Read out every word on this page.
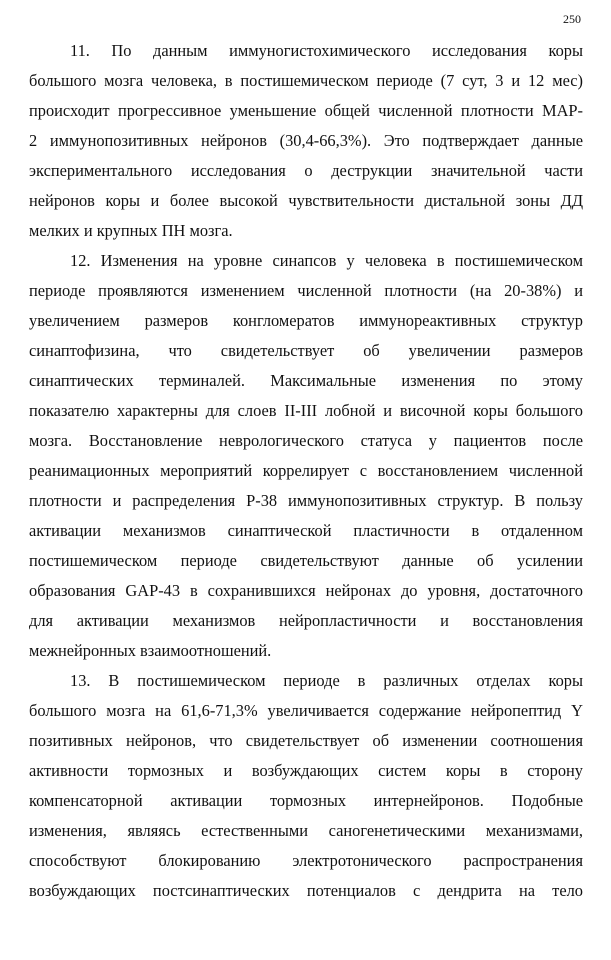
250
11. По данным иммуногистохимического исследования коры
большого мозга человека, в постишемическом периоде (7 сут, 3 и 12 мес)
происходит прогрессивное уменьшение общей численной плотности МАР-
2 иммунопозитивных нейронов (30,4-66,3%). Это подтверждает данные
экспериментального исследования о деструкции значительной части
нейронов коры и более высокой чувствительности дистальной зоны ДД
мелких и крупных ПН мозга.
12. Изменения на уровне синапсов у человека в постишемическом
периоде проявляются изменением численной плотности (на 20-38%) и
увеличением размеров конгломератов иммунореактивных структур
синаптофизина, что свидетельствует об увеличении размеров
синаптических терминалей. Максимальные изменения по этому
показателю характерны для слоев II-III лобной и височной коры большого
мозга. Восстановление неврологического статуса у пациентов после
реанимационных мероприятий коррелирует с восстановлением численной
плотности и распределения Р-38 иммунопозитивных структур. В пользу
активации механизмов синаптической пластичности в отдаленном
постишемическом периоде свидетельствуют данные об усилении
образования GAP-43 в сохранившихся нейронах до уровня, достаточного
для активации механизмов нейропластичности и восстановления
межнейронных взаимоотношений.
13. В постишемическом периоде в различных отделах коры
большого мозга на 61,6-71,3% увеличивается содержание нейропептид Y
позитивных нейронов, что свидетельствует об изменении соотношения
активности тормозных и возбуждающих систем коры в сторону
компенсаторной активации тормозных интернейронов. Подобные
изменения, являясь естественными саногенетическими механизмами,
способствуют блокированию электротонического распространения
возбуждающих постсинаптических потенциалов с дендрита на тело
